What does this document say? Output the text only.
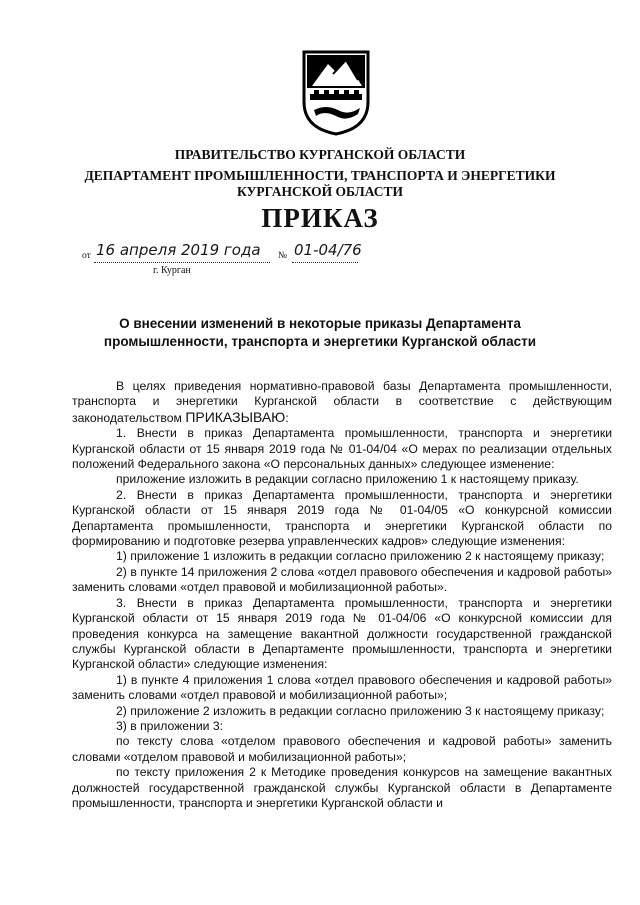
ПРАВИТЕЛЬСТВО КУРГАНСКОЙ ОБЛАСТИ
ДЕПАРТАМЕНТ ПРОМЫШЛЕННОСТИ, ТРАНСПОРТА И ЭНЕРГЕТИКИ
КУРГАНСКОЙ ОБЛАСТИ
ПРИКАЗ
от 16 апреля 2019 года № 01-04/76
г. Курган
О внесении изменений в некоторые приказы Департамента промышленности, транспорта и энергетики Курганской области

В целях приведения нормативно-правовой базы Департамента промышленности, транспорта и энергетики Курганской области в соответствие с действующим законодательством ПРИКАЗЫВАЮ:

1. Внести в приказ Департамента промышленности, транспорта и энергетики Курганской области от 15 января 2019 года № 01-04/04 «О мерах по реализации отдельных положений Федерального закона «О персональных данных» следующее изменение:

приложение изложить в редакции согласно приложению 1 к настоящему приказу.

2. Внести в приказ Департамента промышленности, транспорта и энергетики Курганской области от 15 января 2019 года № 01-04/05 «О конкурсной комиссии Департамента промышленности, транспорта и энергетики Курганской области по формированию и подготовке резерва управленческих кадров» следующие изменения:

1) приложение 1 изложить в редакции согласно приложению 2 к настоящему приказу;

2) в пункте 14 приложения 2 слова «отдел правового обеспечения и кадровой работы» заменить словами «отдел правовой и мобилизационной работы».

3. Внести в приказ Департамента промышленности, транспорта и энергетики Курганской области от 15 января 2019 года № 01-04/06 «О конкурсной комиссии для проведения конкурса на замещение вакантной должности государственной гражданской службы Курганской области в Департаменте промышленности, транспорта и энергетики Курганской области» следующие изменения:

1) в пункте 4 приложения 1 слова «отдел правового обеспечения и кадровой работы» заменить словами «отдел правовой и мобилизационной работы»;

2) приложение 2 изложить в редакции согласно приложению 3 к настоящему приказу;

3) в приложении 3:

по тексту слова «отделом правового обеспечения и кадровой работы» заменить словами «отделом правовой и мобилизационной работы»;

по тексту приложения 2 к Методике проведения конкурсов на замещение вакантных должностей государственной гражданской службы Курганской области в Департаменте промышленности, транспорта и энергетики Курганской области и
